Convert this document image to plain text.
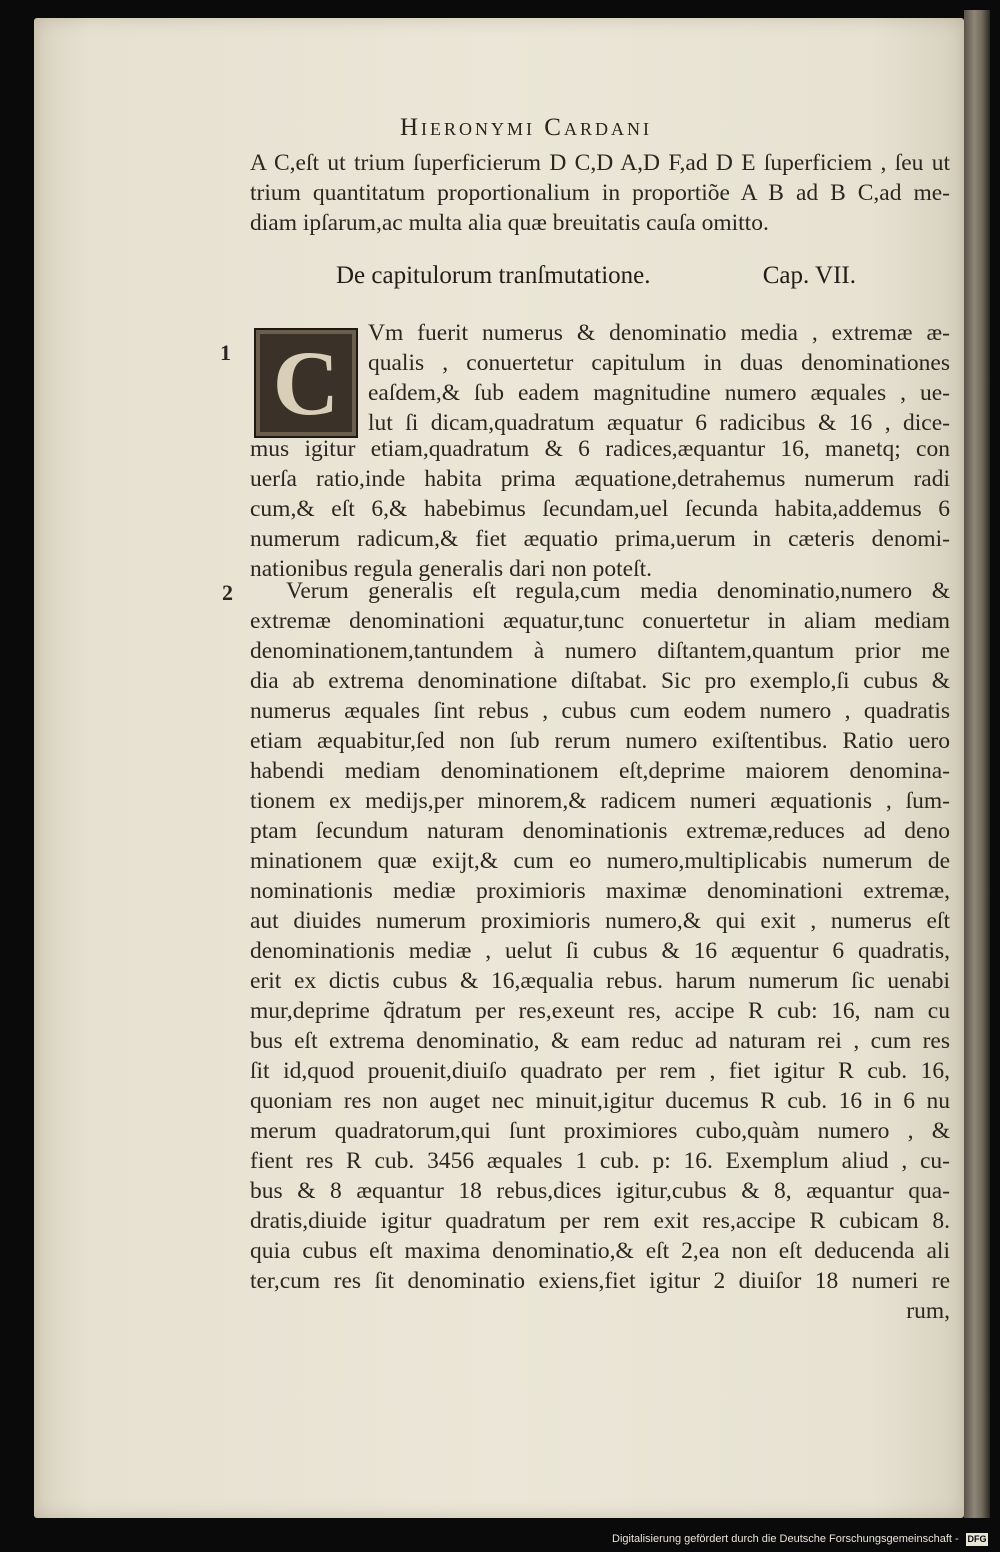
Hieronymi Cardani
A C,eſt ut trium ſuperficierum D C,D A,D F,ad D E ſuperficiem , ſeu ut
trium quantitatum proportionalium in proportiõe A B ad B C,ad me-
diam ipſarum,ac multa alia quæ breuitatis cauſa omitto.
De capitulorum tranſmutatione.	Cap. VII.
1
2
C	Vm fuerit numerus & denominatio media , extremæ æ-
qualis , conuertetur capitulum in duas denominationes
eaſdem,& ſub eadem magnitudine numero æquales , ue-
lut ſi dicam,quadratum æquatur 6 radicibus & 16 , dice-
mus igitur etiam,quadratum & 6 radices,æquantur 16, manetq; con
uerſa ratio,inde habita prima æquatione,detrahemus numerum radi
cum,& eſt 6,& habebimus ſecundam,uel ſecunda habita,addemus 6
numerum radicum,& fiet æquatio prima,uerum in cæteris denomi-
nationibus regula generalis dari non poteſt.
Verum generalis eſt regula,cum media denominatio,numero &
extremæ denominationi æquatur,tunc conuertetur in aliam mediam
denominationem,tantundem à numero diſtantem,quantum prior me
dia ab extrema denominatione diſtabat. Sic pro exemplo,ſi cubus &
numerus æquales ſint rebus , cubus cum eodem numero , quadratis
etiam æquabitur,ſed non ſub rerum numero exiſtentibus. Ratio uero
habendi mediam denominationem eſt,deprime maiorem denomina-
tionem ex medijs,per minorem,& radicem numeri æquationis , ſum-
ptam ſecundum naturam denominationis extremæ,reduces ad deno
minationem quæ exijt,& cum eo numero,multiplicabis numerum de
nominationis mediæ proximioris maximæ denominationi extremæ,
aut diuides numerum proximioris numero,& qui exit , numerus eſt
denominationis mediæ , uelut ſi cubus & 16 æquentur 6 quadratis,
erit ex dictis cubus & 16,æqualia rebus. harum numerum ſic uenabi
mur,deprime q̃dratum per res,exeunt res, accipe R cub: 16, nam cu
bus eſt extrema denominatio, & eam reduc ad naturam rei , cum res
ſit id,quod prouenit,diuiſo quadrato per rem , fiet igitur R cub. 16,
quoniam res non auget nec minuit,igitur ducemus R cub. 16 in 6 nu
merum quadratorum,qui ſunt proximiores cubo,quàm numero , &
fient res R cub. 3456 æquales 1 cub. p: 16. Exemplum aliud , cu-
bus & 8 æquantur 18 rebus,dices igitur,cubus & 8, æquantur qua-
dratis,diuide igitur quadratum per rem exit res,accipe R cubicam 8.
quia cubus eſt maxima denominatio,& eſt 2,ea non eſt deducenda ali
ter,cum res ſit denominatio exiens,fiet igitur 2 diuiſor 18 numeri re
rum,
Digitalisierung gefördert durch die Deutsche Forschungsgemeinschaft - DFG
